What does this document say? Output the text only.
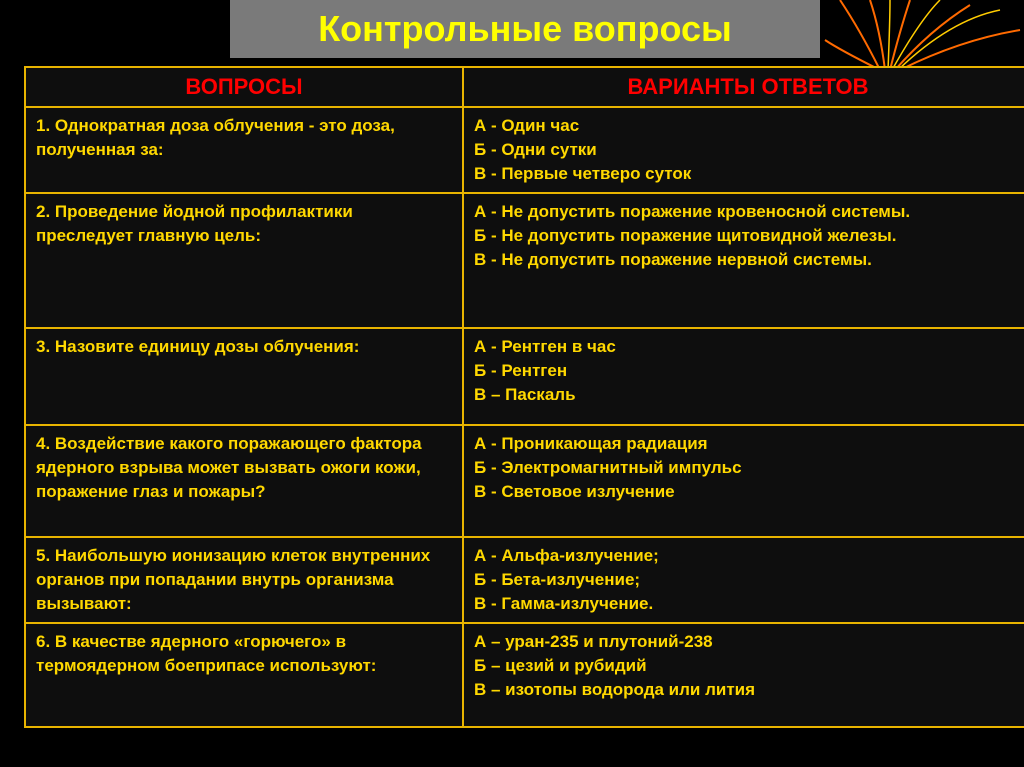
Контрольные вопросы
ВОПРОСЫ	ВАРИАНТЫ ОТВЕТОВ
1. Однократная доза облучения - это доза, полученная за:	А - Один час
Б - Одни сутки
В - Первые четверо суток

2. Проведение йодной профилактики преследует главную цель:	А - Не допустить поражение кровеносной системы.
Б - Не допустить поражение щитовидной железы.
В - Не допустить поражение нервной системы.

3. Назовите единицу дозы облучения:	А - Рентген в час
Б - Рентген
В – Паскаль

4. Воздействие какого поражающего фактора ядерного взрыва может вызвать ожоги кожи, поражение глаз и пожары?	А - Проникающая радиация
Б - Электромагнитный импульс
В - Световое излучение

5. Наибольшую ионизацию клеток внутренних органов при попадании внутрь организма вызывают:	А - Альфа-излучение;
Б - Бета-излучение;
В - Гамма-излучение.

6. В качестве ядерного «горючего» в термоядерном боеприпасе используют:	А – уран-235 и плутоний-238
Б – цезий и рубидий
В – изотопы водорода или лития
